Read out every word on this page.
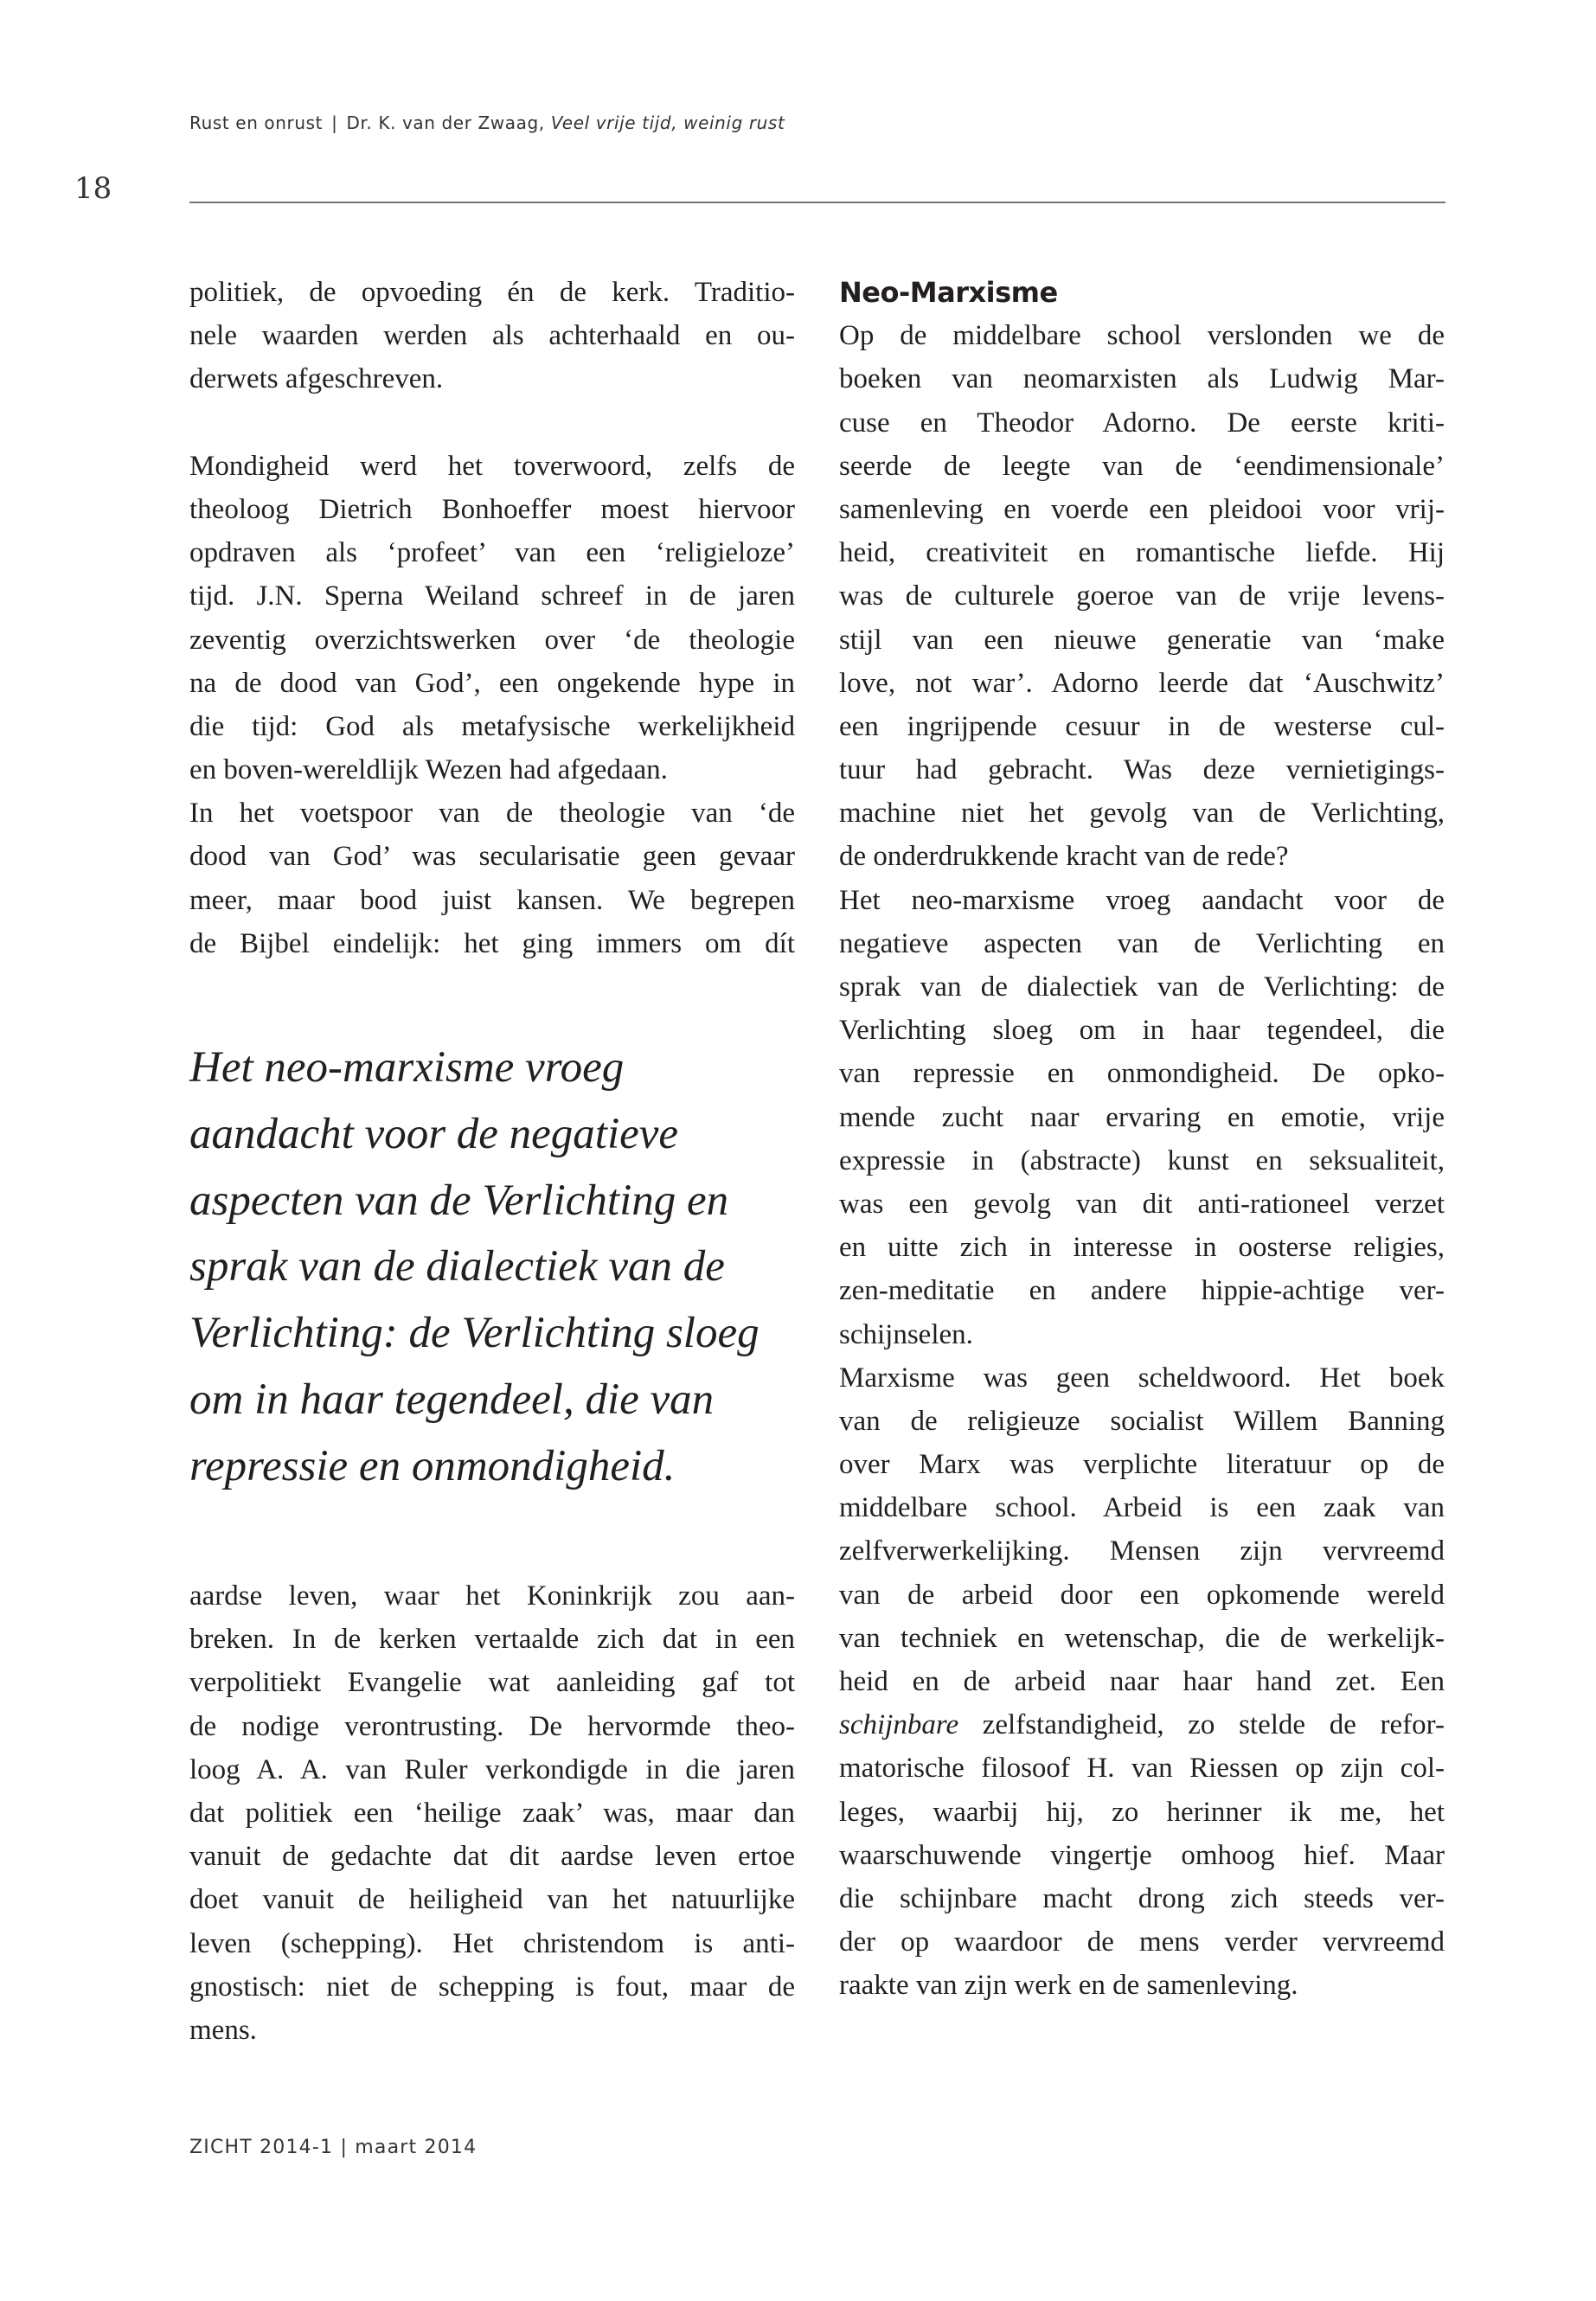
Rust en onrust | Dr. K. van der Zwaag, Veel vrije tijd, weinig rust
18
politiek, de opvoeding én de kerk. Traditio-
nele waarden werden als achterhaald en ou-
derwets afgeschreven.
Mondigheid werd het toverwoord, zelfs de
theoloog Dietrich Bonhoeffer moest hiervoor
opdraven als ‘profeet’ van een ‘religieloze’
tijd. J.N. Sperna Weiland schreef in de jaren
zeventig overzichtswerken over ‘de theologie
na de dood van God’, een ongekende hype in
die tijd: God als metafysische werkelijkheid
en boven-wereldlijk Wezen had afgedaan.
In het voetspoor van de theologie van ‘de
dood van God’ was secularisatie geen gevaar
meer, maar bood juist kansen. We begrepen
de Bijbel eindelijk: het ging immers om dít
Het neo-marxisme vroeg
aandacht voor de negatieve
aspecten van de Verlichting en
sprak van de dialectiek van de
Verlichting: de Verlichting sloeg
om in haar tegendeel, die van
repressie en onmondigheid.
aardse leven, waar het Koninkrijk zou aan-
breken. In de kerken vertaalde zich dat in een
verpolitiekt Evangelie wat aanleiding gaf tot
de nodige verontrusting. De hervormde theo-
loog A. A. van Ruler verkondigde in die jaren
dat politiek een ‘heilige zaak’ was, maar dan
vanuit de gedachte dat dit aardse leven ertoe
doet vanuit de heiligheid van het natuurlijke
leven (schepping). Het christendom is anti-
gnostisch: niet de schepping is fout, maar de
mens.
Neo-Marxisme
Op de middelbare school verslonden we de
boeken van neomarxisten als Ludwig Mar-
cuse en Theodor Adorno. De eerste kriti-
seerde de leegte van de ‘eendimensionale’
samenleving en voerde een pleidooi voor vrij-
heid, creativiteit en romantische liefde. Hij
was de culturele goeroe van de vrije levens-
stijl van een nieuwe generatie van ‘make
love, not war’. Adorno leerde dat ‘Auschwitz’
een ingrijpende cesuur in de westerse cul-
tuur had gebracht. Was deze vernietigings-
machine niet het gevolg van de Verlichting,
de onderdrukkende kracht van de rede?
Het neo-marxisme vroeg aandacht voor de
negatieve aspecten van de Verlichting en
sprak van de dialectiek van de Verlichting: de
Verlichting sloeg om in haar tegendeel, die
van repressie en onmondigheid. De opko-
mende zucht naar ervaring en emotie, vrije
expressie in (abstracte) kunst en seksualiteit,
was een gevolg van dit anti-rationeel verzet
en uitte zich in interesse in oosterse religies,
zen-meditatie en andere hippie-achtige ver-
schijnselen.
Marxisme was geen scheldwoord. Het boek
van de religieuze socialist Willem Banning
over Marx was verplichte literatuur op de
middelbare school. Arbeid is een zaak van
zelfverwerkelijking. Mensen zijn vervreemd
van de arbeid door een opkomende wereld
van techniek en wetenschap, die de werkelijk-
heid en de arbeid naar haar hand zet. Een
schijnbare zelfstandigheid, zo stelde de refor-
matorische filosoof H. van Riessen op zijn col-
leges, waarbij hij, zo herinner ik me, het
waarschuwende vingertje omhoog hief. Maar
die schijnbare macht drong zich steeds ver-
der op waardoor de mens verder vervreemd
raakte van zijn werk en de samenleving.
ZICHT 2014-1 | maart 2014
